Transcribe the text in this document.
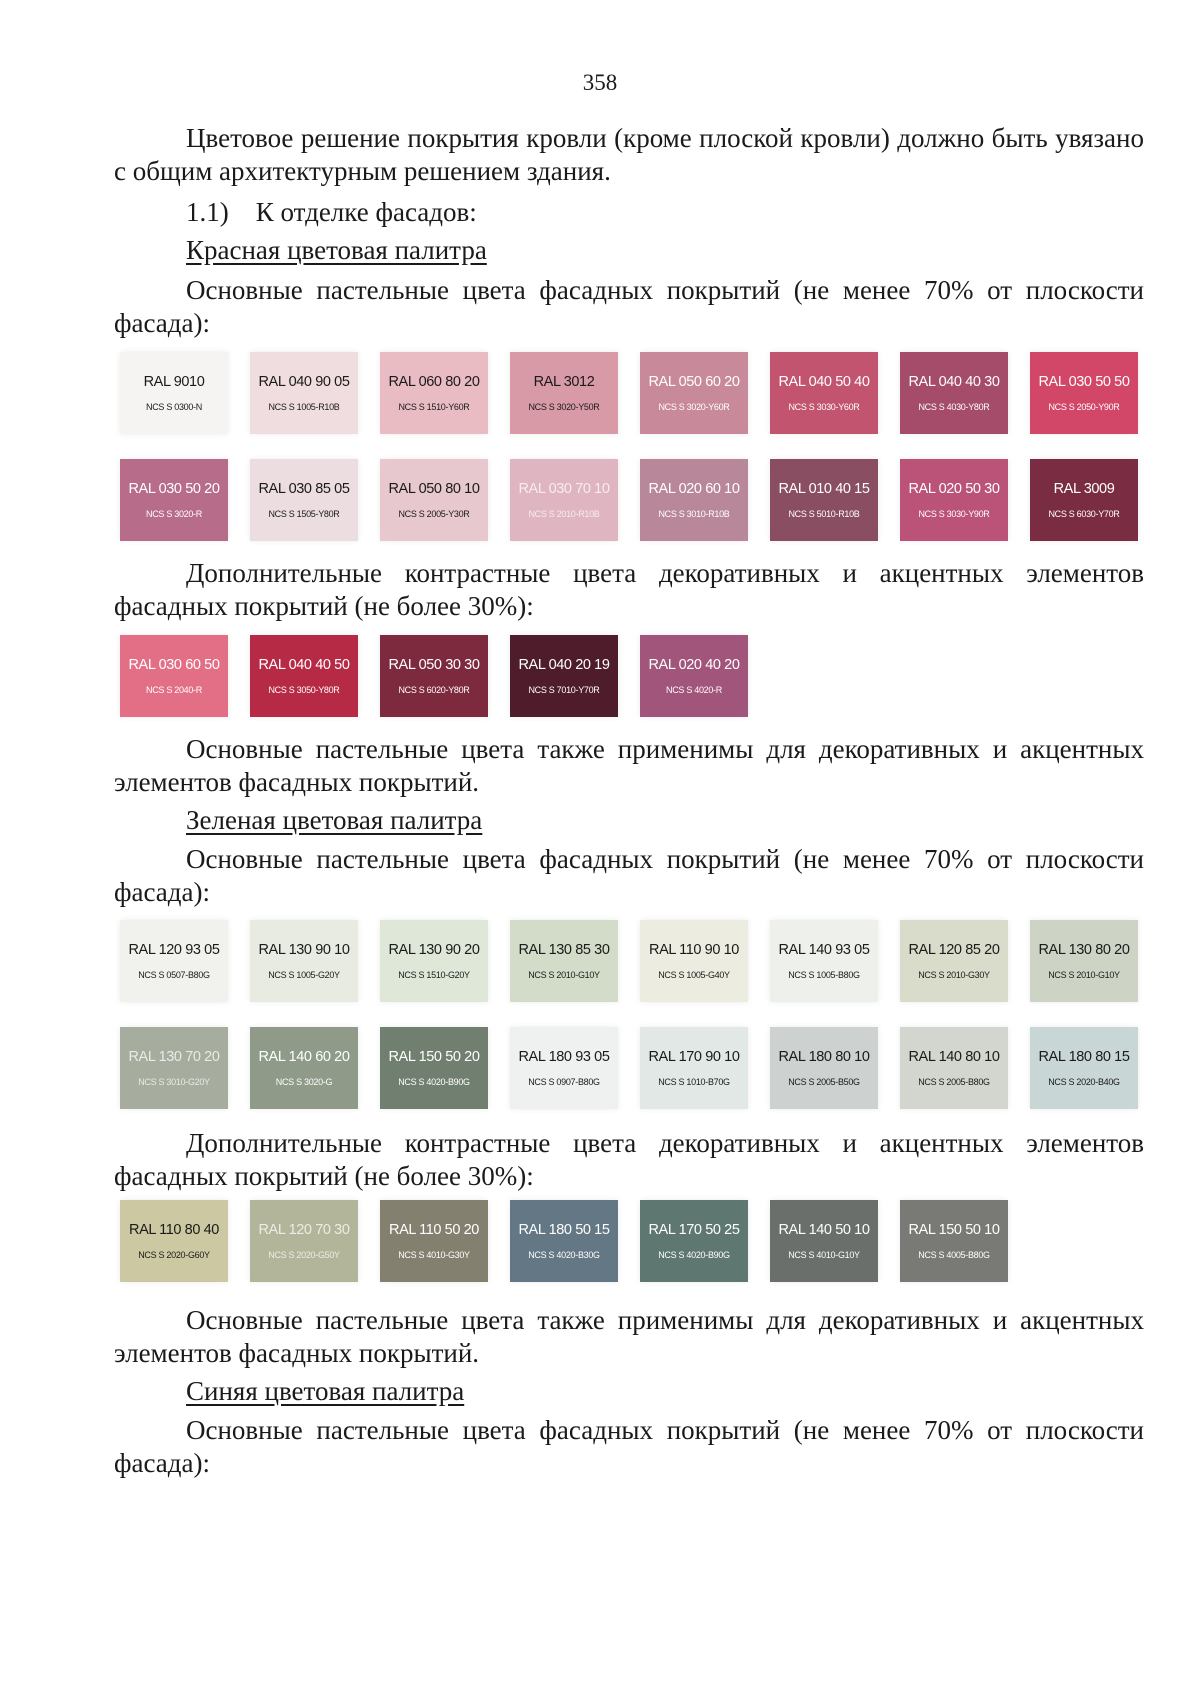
358
Цветовое решение покрытия кровли (кроме плоской кровли) должно быть увязано с общим архитектурным решением здания.
1.1) К отделке фасадов:
Красная цветовая палитра
Основные пастельные цвета фасадных покрытий (не менее 70% от плоскости фасада):
RAL 9010
NCS S 0300-N
RAL 040 90 05
NCS S 1005-R10B
RAL 060 80 20
NCS S 1510-Y60R
RAL 3012
NCS S 3020-Y50R
RAL 050 60 20
NCS S 3020-Y60R
RAL 040 50 40
NCS S 3030-Y60R
RAL 040 40 30
NCS S 4030-Y80R
RAL 030 50 50
NCS S 2050-Y90R
RAL 030 50 20
NCS S 3020-R
RAL 030 85 05
NCS S 1505-Y80R
RAL 050 80 10
NCS S 2005-Y30R
RAL 030 70 10
NCS S 2010-R10B
RAL 020 60 10
NCS S 3010-R10B
RAL 010 40 15
NCS S 5010-R10B
RAL 020 50 30
NCS S 3030-Y90R
RAL 3009
NCS S 6030-Y70R
Дополнительные контрастные цвета декоративных и акцентных элементов фасадных покрытий (не более 30%):
RAL 030 60 50
NCS S 2040-R
RAL 040 40 50
NCS S 3050-Y80R
RAL 050 30 30
NCS S 6020-Y80R
RAL 040 20 19
NCS S 7010-Y70R
RAL 020 40 20
NCS S 4020-R
Основные пастельные цвета также применимы для декоративных и акцентных элементов фасадных покрытий.
Зеленая цветовая палитра
Основные пастельные цвета фасадных покрытий (не менее 70% от плоскости фасада):
RAL 120 93 05
NCS S 0507-B80G
RAL 130 90 10
NCS S 1005-G20Y
RAL 130 90 20
NCS S 1510-G20Y
RAL 130 85 30
NCS S 2010-G10Y
RAL 110 90 10
NCS S 1005-G40Y
RAL 140 93 05
NCS S 1005-B80G
RAL 120 85 20
NCS S 2010-G30Y
RAL 130 80 20
NCS S 2010-G10Y
RAL 130 70 20
NCS S 3010-G20Y
RAL 140 60 20
NCS S 3020-G
RAL 150 50 20
NCS S 4020-B90G
RAL 180 93 05
NCS S 0907-B80G
RAL 170 90 10
NCS S 1010-B70G
RAL 180 80 10
NCS S 2005-B50G
RAL 140 80 10
NCS S 2005-B80G
RAL 180 80 15
NCS S 2020-B40G
Дополнительные контрастные цвета декоративных и акцентных элементов фасадных покрытий (не более 30%):
RAL 110 80 40
NCS S 2020-G60Y
RAL 120 70 30
NCS S 2020-G50Y
RAL 110 50 20
NCS S 4010-G30Y
RAL 180 50 15
NCS S 4020-B30G
RAL 170 50 25
NCS S 4020-B90G
RAL 140 50 10
NCS S 4010-G10Y
RAL 150 50 10
NCS S 4005-B80G
Основные пастельные цвета также применимы для декоративных и акцентных элементов фасадных покрытий.
Синяя цветовая палитра
Основные пастельные цвета фасадных покрытий (не менее 70% от плоскости фасада):
